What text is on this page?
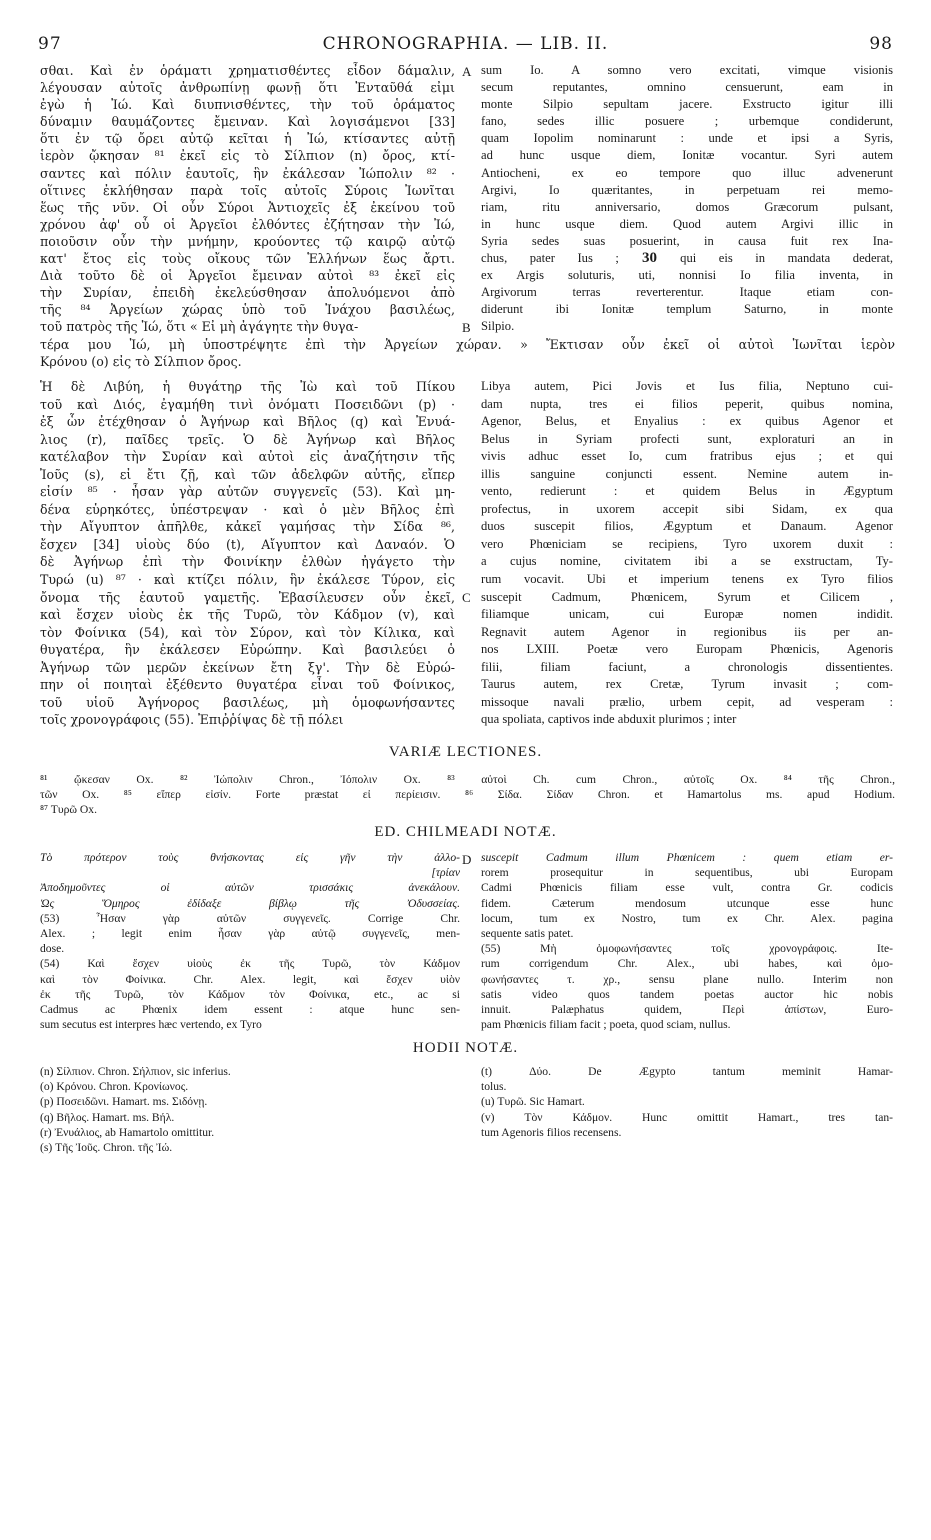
97	CHRONOGRAPHIA. — LIB. II.	98
σθαι. Καὶ ἐν ὁράματι χρηματισθέντες εἶδον δάμαλιν,
λέγουσαν αὐτοῖς ἀνθρωπίνῃ φωνῇ ὅτι Ἐνταῦθά εἰμι
ἐγὼ ἡ Ἰώ. Καὶ διυπνισθέντες, τὴν τοῦ ὁράματος
δύναμιν θαυμάζοντες ἔμειναν. Καὶ λογισάμενοι [33]
ὅτι ἐν τῷ ὄρει αὐτῷ κεῖται ἡ Ἰώ, κτίσαντες αὐτῇ
ἱερὸν ᾤκησαν ⁸¹ ἐκεῖ εἰς τὸ Σίλπιον (n) ὄρος, κτί-
σαντες καὶ πόλιν ἑαυτοῖς, ἣν ἐκάλεσαν Ἰώπολιν ⁸² ·
οἵτινες ἐκλήθησαν παρὰ τοῖς αὐτοῖς Σύροις Ἰωνῖται
ἕως τῆς νῦν. Οἱ οὖν Σύροι Ἀντιοχεῖς ἐξ ἐκείνου τοῦ
χρόνου ἀφ' οὗ οἱ Ἀργεῖοι ἐλθόντες ἐζήτησαν τὴν Ἰώ,
ποιοῦσιν οὖν τὴν μνήμην, κρούοντες τῷ καιρῷ αὐτῷ
κατ' ἔτος εἰς τοὺς οἴκους τῶν Ἑλλήνων ἕως ἄρτι.
Διὰ τοῦτο δὲ οἱ Ἀργεῖοι ἔμειναν αὐτοὶ ⁸³ ἐκεῖ εἰς
τὴν Συρίαν, ἐπειδὴ ἐκελεύσθησαν ἀπολυόμενοι ἀπὸ
τῆς ⁸⁴ Ἀργείων χώρας ὑπὸ τοῦ Ἰνάχου βασιλέως,
τοῦ πατρὸς τῆς Ἰώ, ὅτι « Εἰ μὴ ἀγάγητε τὴν θυγα-
sum Io. A somno vero excitati, vimque visionis
secum reputantes, omnino censuerunt, eam in
monte Silpio sepultam jacere. Exstructo igitur illi
fano, sedes illic posuere ; urbemque condiderunt,
quam Iopolim nominarunt : unde et ipsi a Syris,
ad hunc usque diem, Ionitæ vocantur. Syri autem
Antiocheni, ex eo tempore quo illuc advenerunt
Argivi, Io quæritantes, in perpetuam rei memo-
riam, ritu anniversario, domos Græcorum pulsant,
in hunc usque diem. Quod autem Argivi illic in
Syria sedes suas posuerint, in causa fuit rex Ina-
chus, pater Ius ; 30 qui eis in mandata dederat,
ex Argis soluturis, uti, nonnisi Io filia inventa, in
Argivorum terras reverterentur. Itaque etiam con-
diderunt ibi Ionitæ templum Saturno, in monte
Silpio.
A
B
τέρα μου Ἰώ, μὴ ὑποστρέψητε ἐπὶ τὴν Ἀργείων χώραν. » Ἔκτισαν οὖν ἐκεῖ οἱ αὐτοὶ Ἰωνῖται ἱερὸν
Κρόνου (o) εἰς τὸ Σίλπιον ὄρος.
Ἡ δὲ Λιβύη, ἡ θυγάτηρ τῆς Ἰὼ καὶ τοῦ Πίκου
τοῦ καὶ Διός, ἐγαμήθη τινὶ ὀνόματι Ποσειδῶνι (p) ·
ἐξ ὧν ἐτέχθησαν ὁ Ἀγήνωρ καὶ Βῆλος (q) καὶ Ἐνυά-
λιος (r), παῖδες τρεῖς. Ὁ δὲ Ἀγήνωρ καὶ Βῆλος
κατέλαβον τὴν Συρίαν καὶ αὐτοὶ εἰς ἀναζήτησιν τῆς
Ἰοῦς (s), εἰ ἔτι ζῇ, καὶ τῶν ἀδελφῶν αὐτῆς, εἴπερ
εἰσίν ⁸⁵ · ἦσαν γὰρ αὐτῶν συγγενεῖς (53). Καὶ μη-
δένα εὑρηκότες, ὑπέστρεψαν · καὶ ὁ μὲν Βῆλος ἐπὶ
τὴν Αἴγυπτον ἀπῆλθε, κἀκεῖ γαμήσας τὴν Σίδα ⁸⁶,
ἔσχεν [34] υἱοὺς δύο (t), Αἴγυπτον καὶ Δαναόν. Ὁ
δὲ Ἀγήνωρ ἐπὶ τὴν Φοινίκην ἐλθὼν ἠγάγετο τὴν
Τυρώ (u) ⁸⁷ · καὶ κτίζει πόλιν, ἣν ἐκάλεσε Τύρον, εἰς
ὄνομα τῆς ἑαυτοῦ γαμετῆς. Ἐβασίλευσεν οὖν ἐκεῖ,
καὶ ἔσχεν υἱοὺς ἐκ τῆς Τυρῶ, τὸν Κάδμον (v), καὶ
τὸν Φοίνικα (54), καὶ τὸν Σύρον, καὶ τὸν Κίλικα, καὶ
θυγατέρα, ἣν ἐκάλεσεν Εὐρώπην. Καὶ βασιλεύει ὁ
Ἀγήνωρ τῶν μερῶν ἐκείνων ἔτη ξγ'. Τὴν δὲ Εὐρώ-
πην οἱ ποιηταὶ ἐξέθεντο θυγατέρα εἶναι τοῦ Φοίνικος,
τοῦ υἱοῦ Ἀγήνορος βασιλέως, μὴ ὁμοφωνήσαντες
τοῖς χρονογράφοις (55). Ἐπιῤῥίψας δὲ τῇ πόλει
Libya autem, Pici Jovis et Ius filia, Neptuno cui-
dam nupta, tres ei filios peperit, quibus nomina,
Agenor, Belus, et Enyalius : ex quibus Agenor et
Belus in Syriam profecti sunt, exploraturi an in
vivis adhuc esset Io, cum fratribus ejus ; et qui
illis sanguine conjuncti essent. Nemine autem in-
vento, redierunt : et quidem Belus in Ægyptum
profectus, in uxorem accepit sibi Sidam, ex qua
duos suscepit filios, Ægyptum et Danaum. Agenor
vero Phœniciam se recipiens, Tyro uxorem duxit :
a cujus nomine, civitatem ibi a se exstructam, Ty-
rum vocavit. Ubi et imperium tenens ex Tyro filios
suscepit Cadmum, Phœnicem, Syrum et Cilicem ,
filiamque unicam, cui Europæ nomen indidit.
Regnavit autem Agenor in regionibus iis per an-
nos LXIII. Poetæ vero Europam Phœnicis, Agenoris
filii, filiam faciunt, a chronologis dissentientes.
Taurus autem, rex Cretæ, Tyrum invasit ; com-
missoque navali prælio, urbem cepit, ad vesperam :
qua spoliata, captivos inde abduxit plurimos ; inter
C
VARIÆ LECTIONES.
⁸¹ ᾤκεσαν Ox. ⁸² Ἰώπολιν Chron., Ἰόπολιν Ox. ⁸³ αὐτοὶ Ch. cum Chron., αὐτοῖς Ox. ⁸⁴ τῆς Chron.,
τῶν Ox. ⁸⁵ εἴπερ εἰσίν. Forte præstat εἰ περίεισιν. ⁸⁶ Σίδα. Σίδαν Chron. et Hamartolus ms. apud Hodium.
⁸⁷ Τυρῶ Ox.
ED. CHILMEADI NOTÆ.
Τὸ πρότερον τοὺς θνήσκοντας εἰς γῆν τὴν ἀλλο-
[τρίαν
Ἀποδημοῦντες οἱ αὐτῶν τρισσάκις ἀνεκάλουν.
Ὡς Ὅμηρος ἐδίδαξε βίβλῳ τῆς Ὀδυσσείας.
(53) Ἦσαν γὰρ αὐτῶν συγγενεῖς. Corrige Chr.
Alex. ; legit enim ἦσαν γὰρ αὐτῷ συγγενεῖς, men-
dose.
(54) Καὶ ἔσχεν υἱοὺς ἐκ τῆς Τυρῶ, τὸν Κάδμον
καὶ τὸν Φοίνικα. Chr. Alex. legit, καὶ ἔσχεν υἱὸν
ἐκ τῆς Τυρῶ, τὸν Κάδμον τὸν Φοίνικα, etc., ac si
Cadmus ac Phœnix idem essent : atque hunc sen-
sum secutus est interpres hæc vertendo, ex Tyro
suscepit Cadmum illum Phœnicem : quem etiam er-
rorem prosequitur in sequentibus, ubi Europam
Cadmi Phœnicis filiam esse vult, contra Gr. codicis
fidem. Cæterum mendosum utcunque esse hunc
locum, tum ex Nostro, tum ex Chr. Alex. pagina
sequente satis patet.
(55) Μὴ ὁμοφωνήσαντες τοῖς χρονογράφοις. Ite-
rum corrigendum Chr. Alex., ubi habes, καὶ ὁμο-
φωνήσαντες τ. χρ., sensu plane nullo. Interim non
satis video quos tandem poetas auctor hic nobis
innuit. Palæphatus quidem, Περὶ ἀπίστων, Euro-
pam Phœnicis filiam facit ; poeta, quod sciam, nullus.
D
HODII NOTÆ.
(n) Σίλπιον. Chron. Σήλπιον, sic inferius.
(o) Κρόνου. Chron. Κρονίωνος.
(p) Ποσειδῶνι. Hamart. ms. Σιδόνῃ.
(q) Βῆλος. Hamart. ms. Βήλ.
(r) Ἐνυάλιος, ab Hamartolo omittitur.
(s) Τῆς Ἰοῦς. Chron. τῆς Ἰώ.
(t) Δύο. De Ægypto tantum meminit Hamar-
tolus.
(u) Τυρῶ. Sic Hamart.
(v) Τὸν Κάδμον. Hunc omittit Hamart., tres tan-
tum Agenoris filios recensens.
